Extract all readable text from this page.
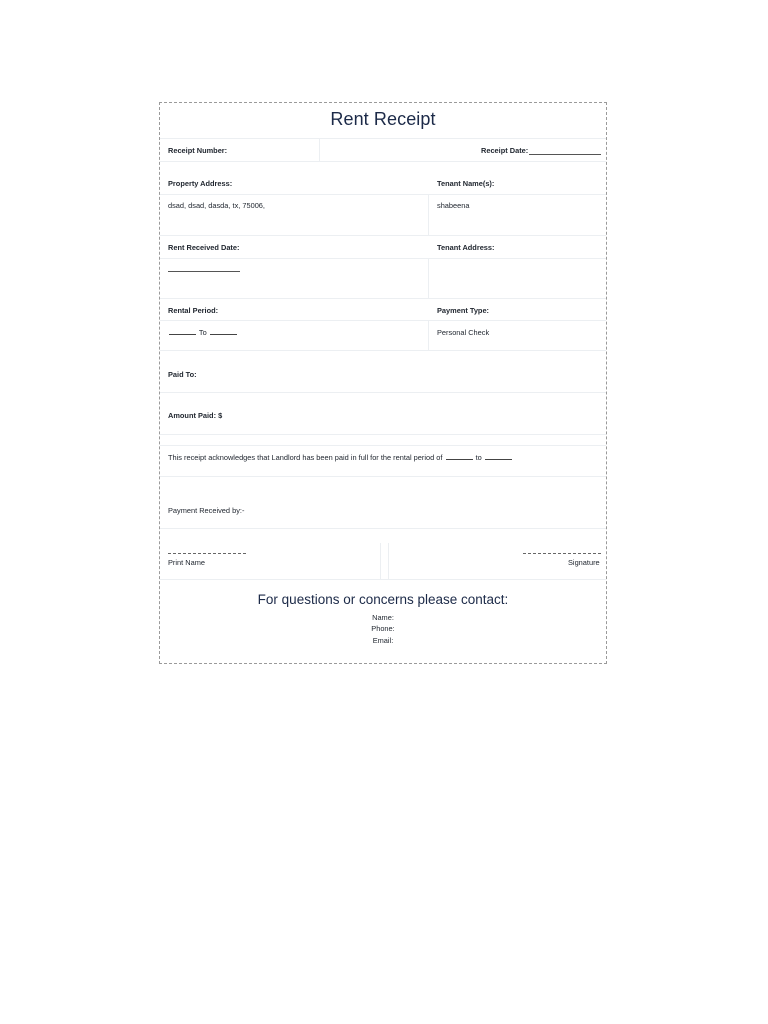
Rent Receipt
Receipt Number:	Receipt Date:
Property Address:	Tenant Name(s):
dsad, dsad, dasda, tx, 75006,	shabeena
Rent Received Date:	Tenant Address:
Rental Period:	Payment Type:
To	Personal Check
Paid To:
Amount Paid: $
This receipt acknowledges that Landlord has been paid in full for the rental period of	to
Payment Received by:-
Print Name	Signature
For questions or concerns please contact:
Name:
Phone:
Email:
